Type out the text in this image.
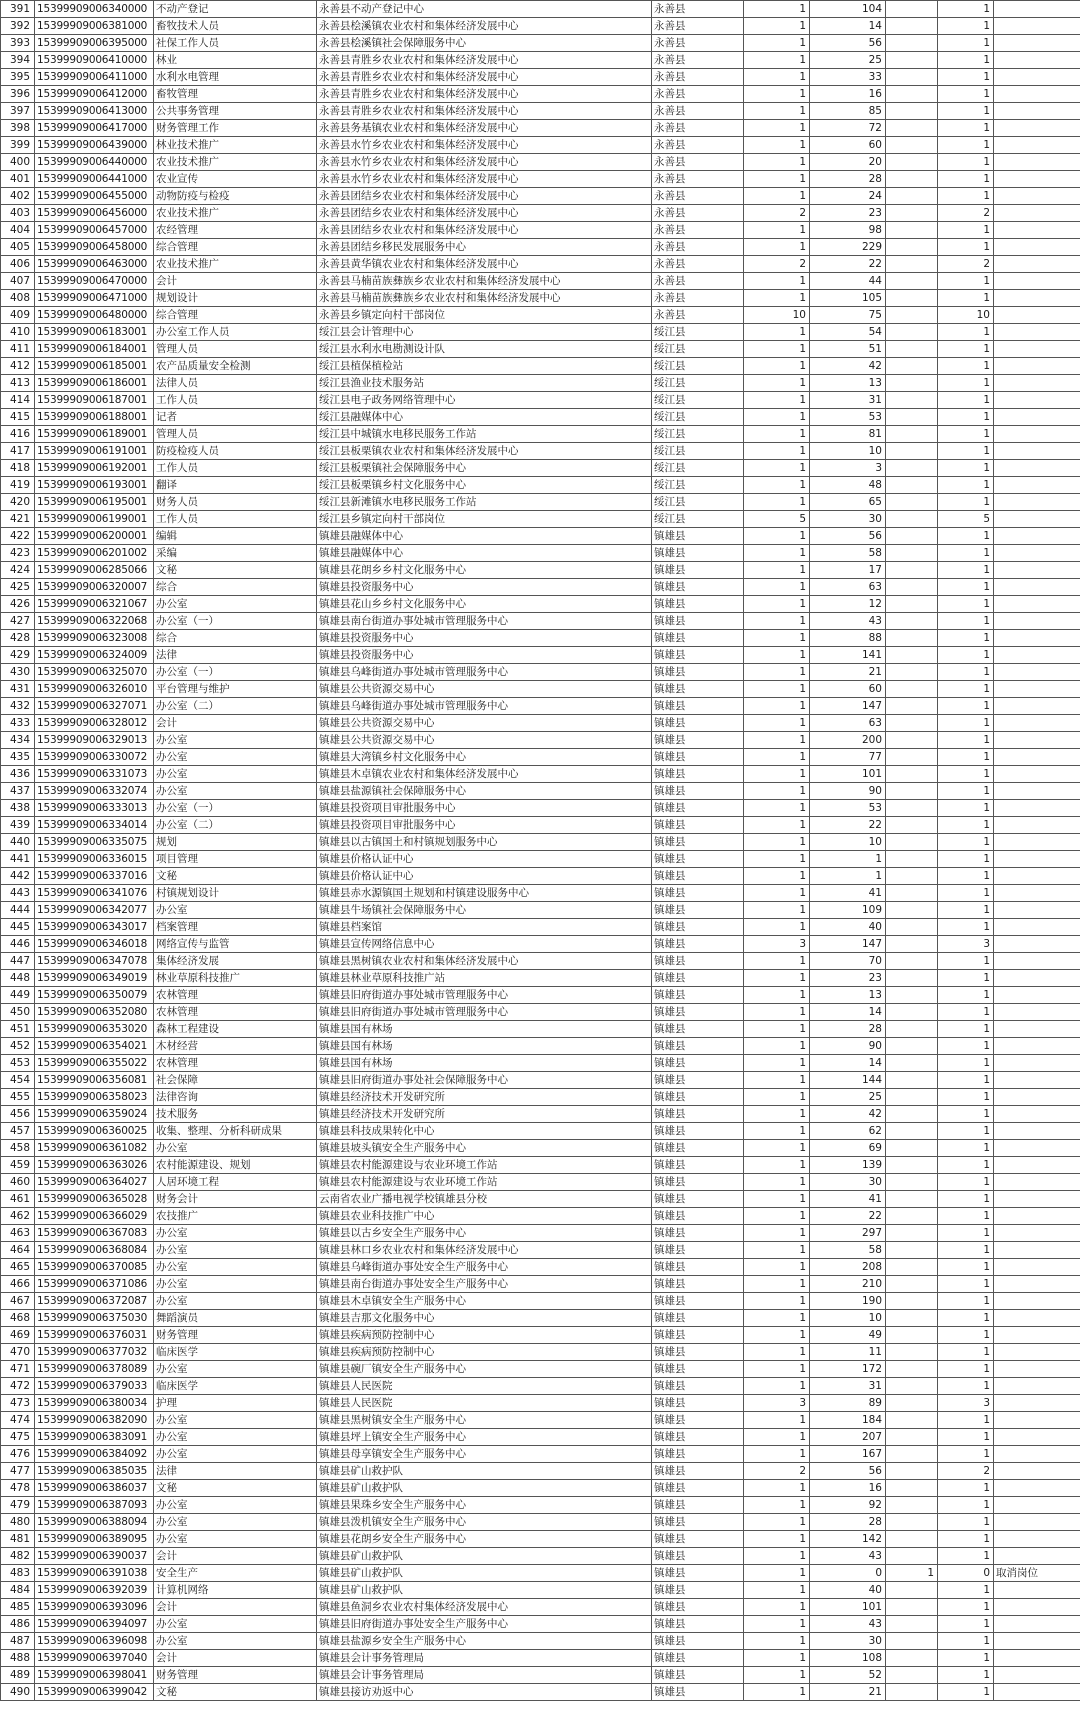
391	15399909006340000	不动产登记	永善县不动产登记中心	永善县	1	104		1	
392	15399909006381000	畜牧技术人员	永善县桧溪镇农业农村和集体经济发展中心	永善县	1	14		1	
393	15399909006395000	社保工作人员	永善县桧溪镇社会保障服务中心	永善县	1	56		1	
394	15399909006410000	林业	永善县青胜乡农业农村和集体经济发展中心	永善县	1	25		1	
395	15399909006411000	水利水电管理	永善县青胜乡农业农村和集体经济发展中心	永善县	1	33		1	
396	15399909006412000	畜牧管理	永善县青胜乡农业农村和集体经济发展中心	永善县	1	16		1	
397	15399909006413000	公共事务管理	永善县青胜乡农业农村和集体经济发展中心	永善县	1	85		1	
398	15399909006417000	财务管理工作	永善县务基镇农业农村和集体经济发展中心	永善县	1	72		1	
399	15399909006439000	林业技术推广	永善县水竹乡农业农村和集体经济发展中心	永善县	1	60		1	
400	15399909006440000	农业技术推广	永善县水竹乡农业农村和集体经济发展中心	永善县	1	20		1	
401	15399909006441000	农业宣传	永善县水竹乡农业农村和集体经济发展中心	永善县	1	28		1	
402	15399909006455000	动物防疫与检疫	永善县团结乡农业农村和集体经济发展中心	永善县	1	24		1	
403	15399909006456000	农业技术推广	永善县团结乡农业农村和集体经济发展中心	永善县	2	23		2	
404	15399909006457000	农经管理	永善县团结乡农业农村和集体经济发展中心	永善县	1	98		1	
405	15399909006458000	综合管理	永善县团结乡移民发展服务中心	永善县	1	229		1	
406	15399909006463000	农业技术推广	永善县黄华镇农业农村和集体经济发展中心	永善县	2	22		2	
407	15399909006470000	会计	永善县马楠苗族彝族乡农业农村和集体经济发展中心	永善县	1	44		1	
408	15399909006471000	规划设计	永善县马楠苗族彝族乡农业农村和集体经济发展中心	永善县	1	105		1	
409	15399909006480000	综合管理	永善县乡镇定向村干部岗位	永善县	10	75		10	
410	15399909006183001	办公室工作人员	绥江县会计管理中心	绥江县	1	54		1	
411	15399909006184001	管理人员	绥江县水利水电勘测设计队	绥江县	1	51		1	
412	15399909006185001	农产品质量安全检测	绥江县植保植检站	绥江县	1	42		1	
413	15399909006186001	法律人员	绥江县渔业技术服务站	绥江县	1	13		1	
414	15399909006187001	工作人员	绥江县电子政务网络管理中心	绥江县	1	31		1	
415	15399909006188001	记者	绥江县融媒体中心	绥江县	1	53		1	
416	15399909006189001	管理人员	绥江县中城镇水电移民服务工作站	绥江县	1	81		1	
417	15399909006191001	防疫检疫人员	绥江县板栗镇农业农村和集体经济发展中心	绥江县	1	10		1	
418	15399909006192001	工作人员	绥江县板栗镇社会保障服务中心	绥江县	1	3		1	
419	15399909006193001	翻译	绥江县板栗镇乡村文化服务中心	绥江县	1	48		1	
420	15399909006195001	财务人员	绥江县新滩镇水电移民服务工作站	绥江县	1	65		1	
421	15399909006199001	工作人员	绥江县乡镇定向村干部岗位	绥江县	5	30		5	
422	15399909006200001	编辑	镇雄县融媒体中心	镇雄县	1	56		1	
423	15399909006201002	采编	镇雄县融媒体中心	镇雄县	1	58		1	
424	15399909006285066	文秘	镇雄县花朗乡乡村文化服务中心	镇雄县	1	17		1	
425	15399909006320007	综合	镇雄县投资服务中心	镇雄县	1	63		1	
426	15399909006321067	办公室	镇雄县花山乡乡村文化服务中心	镇雄县	1	12		1	
427	15399909006322068	办公室（一）	镇雄县南台街道办事处城市管理服务中心	镇雄县	1	43		1	
428	15399909006323008	综合	镇雄县投资服务中心	镇雄县	1	88		1	
429	15399909006324009	法律	镇雄县投资服务中心	镇雄县	1	141		1	
430	15399909006325070	办公室（一）	镇雄县乌峰街道办事处城市管理服务中心	镇雄县	1	21		1	
431	15399909006326010	平台管理与维护	镇雄县公共资源交易中心	镇雄县	1	60		1	
432	15399909006327071	办公室（二）	镇雄县乌峰街道办事处城市管理服务中心	镇雄县	1	147		1	
433	15399909006328012	会计	镇雄县公共资源交易中心	镇雄县	1	63		1	
434	15399909006329013	办公室	镇雄县公共资源交易中心	镇雄县	1	200		1	
435	15399909006330072	办公室	镇雄县大湾镇乡村文化服务中心	镇雄县	1	77		1	
436	15399909006331073	办公室	镇雄县木卓镇农业农村和集体经济发展中心	镇雄县	1	101		1	
437	15399909006332074	办公室	镇雄县盐源镇社会保障服务中心	镇雄县	1	90		1	
438	15399909006333013	办公室（一）	镇雄县投资项目审批服务中心	镇雄县	1	53		1	
439	15399909006334014	办公室（二）	镇雄县投资项目审批服务中心	镇雄县	1	22		1	
440	15399909006335075	规划	镇雄县以古镇国土和村镇规划服务中心	镇雄县	1	10		1	
441	15399909006336015	项目管理	镇雄县价格认证中心	镇雄县	1	1		1	
442	15399909006337016	文秘	镇雄县价格认证中心	镇雄县	1	1		1	
443	15399909006341076	村镇规划设计	镇雄县赤水源镇国土规划和村镇建设服务中心	镇雄县	1	41		1	
444	15399909006342077	办公室	镇雄县牛场镇社会保障服务中心	镇雄县	1	109		1	
445	15399909006343017	档案管理	镇雄县档案馆	镇雄县	1	40		1	
446	15399909006346018	网络宣传与监管	镇雄县宣传网络信息中心	镇雄县	3	147		3	
447	15399909006347078	集体经济发展	镇雄县黑树镇农业农村和集体经济发展中心	镇雄县	1	70		1	
448	15399909006349019	林业草原科技推广	镇雄县林业草原科技推广站	镇雄县	1	23		1	
449	15399909006350079	农林管理	镇雄县旧府街道办事处城市管理服务中心	镇雄县	1	13		1	
450	15399909006352080	农林管理	镇雄县旧府街道办事处城市管理服务中心	镇雄县	1	14		1	
451	15399909006353020	森林工程建设	镇雄县国有林场	镇雄县	1	28		1	
452	15399909006354021	木材经营	镇雄县国有林场	镇雄县	1	90		1	
453	15399909006355022	农林管理	镇雄县国有林场	镇雄县	1	14		1	
454	15399909006356081	社会保障	镇雄县旧府街道办事处社会保障服务中心	镇雄县	1	144		1	
455	15399909006358023	法律咨询	镇雄县经济技术开发研究所	镇雄县	1	25		1	
456	15399909006359024	技术服务	镇雄县经济技术开发研究所	镇雄县	1	42		1	
457	15399909006360025	收集、整理、分析科研成果	镇雄县科技成果转化中心	镇雄县	1	62		1	
458	15399909006361082	办公室	镇雄县坡头镇安全生产服务中心	镇雄县	1	69		1	
459	15399909006363026	农村能源建设、规划	镇雄县农村能源建设与农业环境工作站	镇雄县	1	139		1	
460	15399909006364027	人居环境工程	镇雄县农村能源建设与农业环境工作站	镇雄县	1	30		1	
461	15399909006365028	财务会计	云南省农业广播电视学校镇雄县分校	镇雄县	1	41		1	
462	15399909006366029	农技推广	镇雄县农业科技推广中心	镇雄县	1	22		1	
463	15399909006367083	办公室	镇雄县以古乡安全生产服务中心	镇雄县	1	297		1	
464	15399909006368084	办公室	镇雄县林口乡农业农村和集体经济发展中心	镇雄县	1	58		1	
465	15399909006370085	办公室	镇雄县乌峰街道办事处安全生产服务中心	镇雄县	1	208		1	
466	15399909006371086	办公室	镇雄县南台街道办事处安全生产服务中心	镇雄县	1	210		1	
467	15399909006372087	办公室	镇雄县木卓镇安全生产服务中心	镇雄县	1	190		1	
468	15399909006375030	舞蹈演员	镇雄县吉那文化服务中心	镇雄县	1	10		1	
469	15399909006376031	财务管理	镇雄县疾病预防控制中心	镇雄县	1	49		1	
470	15399909006377032	临床医学	镇雄县疾病预防控制中心	镇雄县	1	11		1	
471	15399909006378089	办公室	镇雄县碗厂镇安全生产服务中心	镇雄县	1	172		1	
472	15399909006379033	临床医学	镇雄县人民医院	镇雄县	1	31		1	
473	15399909006380034	护理	镇雄县人民医院	镇雄县	3	89		3	
474	15399909006382090	办公室	镇雄县黑树镇安全生产服务中心	镇雄县	1	184		1	
475	15399909006383091	办公室	镇雄县坪上镇安全生产服务中心	镇雄县	1	207		1	
476	15399909006384092	办公室	镇雄县母享镇安全生产服务中心	镇雄县	1	167		1	
477	15399909006385035	法律	镇雄县矿山救护队	镇雄县	2	56		2	
478	15399909006386037	文秘	镇雄县矿山救护队	镇雄县	1	16		1	
479	15399909006387093	办公室	镇雄县果珠乡安全生产服务中心	镇雄县	1	92		1	
480	15399909006388094	办公室	镇雄县泼机镇安全生产服务中心	镇雄县	1	28		1	
481	15399909006389095	办公室	镇雄县花朗乡安全生产服务中心	镇雄县	1	142		1	
482	15399909006390037	会计	镇雄县矿山救护队	镇雄县	1	43		1	
483	15399909006391038	安全生产	镇雄县矿山救护队	镇雄县	1	0	1	0	取消岗位
484	15399909006392039	计算机网络	镇雄县矿山救护队	镇雄县	1	40		1	
485	15399909006393096	会计	镇雄县鱼洞乡农业农村集体经济发展中心	镇雄县	1	101		1	
486	15399909006394097	办公室	镇雄县旧府街道办事处安全生产服务中心	镇雄县	1	43		1	
487	15399909006396098	办公室	镇雄县盐源乡安全生产服务中心	镇雄县	1	30		1	
488	15399909006397040	会计	镇雄县会计事务管理局	镇雄县	1	108		1	
489	15399909006398041	财务管理	镇雄县会计事务管理局	镇雄县	1	52		1	
490	15399909006399042	文秘	镇雄县接访劝返中心	镇雄县	1	21		1	
